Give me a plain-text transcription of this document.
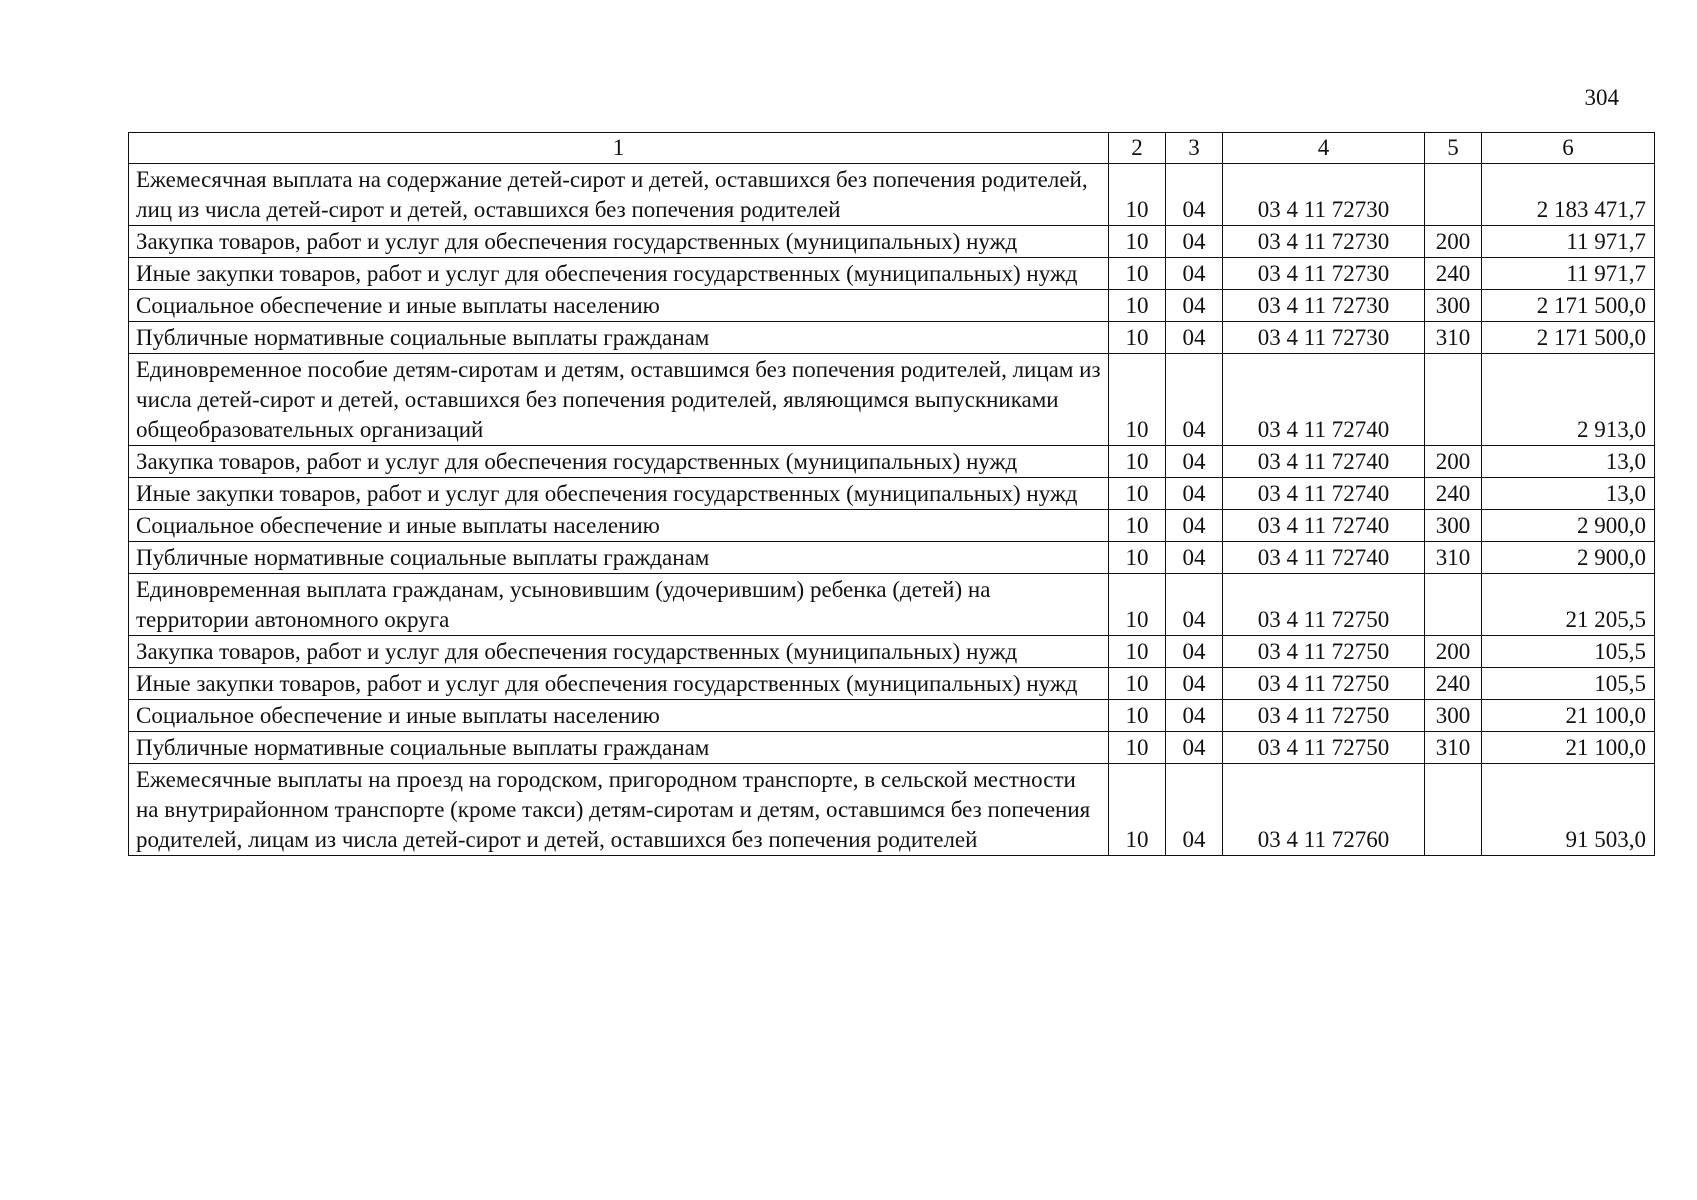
304
1	2	3	4	5	6
Ежемесячная выплата на содержание детей-сирот и детей, оставшихся без попечения родителей, лиц из числа детей-сирот и детей, оставшихся без попечения родителей	10	04	03 4 11 72730		2 183 471,7
Закупка товаров, работ и услуг для обеспечения государственных (муниципальных) нужд	10	04	03 4 11 72730	200	11 971,7
Иные закупки товаров, работ и услуг для обеспечения государственных (муниципальных) нужд	10	04	03 4 11 72730	240	11 971,7
Социальное обеспечение и иные выплаты населению	10	04	03 4 11 72730	300	2 171 500,0
Публичные нормативные социальные выплаты гражданам	10	04	03 4 11 72730	310	2 171 500,0
Единовременное пособие детям-сиротам и детям, оставшимся без попечения родителей, лицам из числа детей-сирот и детей, оставшихся без попечения родителей, являющимся выпускниками общеобразовательных организаций	10	04	03 4 11 72740		2 913,0
Закупка товаров, работ и услуг для обеспечения государственных (муниципальных) нужд	10	04	03 4 11 72740	200	13,0
Иные закупки товаров, работ и услуг для обеспечения государственных (муниципальных) нужд	10	04	03 4 11 72740	240	13,0
Социальное обеспечение и иные выплаты населению	10	04	03 4 11 72740	300	2 900,0
Публичные нормативные социальные выплаты гражданам	10	04	03 4 11 72740	310	2 900,0
Единовременная выплата гражданам, усыновившим (удочерившим) ребенка (детей) на территории автономного округа	10	04	03 4 11 72750		21 205,5
Закупка товаров, работ и услуг для обеспечения государственных (муниципальных) нужд	10	04	03 4 11 72750	200	105,5
Иные закупки товаров, работ и услуг для обеспечения государственных (муниципальных) нужд	10	04	03 4 11 72750	240	105,5
Социальное обеспечение и иные выплаты населению	10	04	03 4 11 72750	300	21 100,0
Публичные нормативные социальные выплаты гражданам	10	04	03 4 11 72750	310	21 100,0
Ежемесячные выплаты на проезд на городском, пригородном транспорте, в сельской местности на внутрирайонном транспорте (кроме такси) детям-сиротам и детям, оставшимся без попечения родителей, лицам из числа детей-сирот и детей, оставшихся без попечения родителей	10	04	03 4 11 72760		91 503,0
